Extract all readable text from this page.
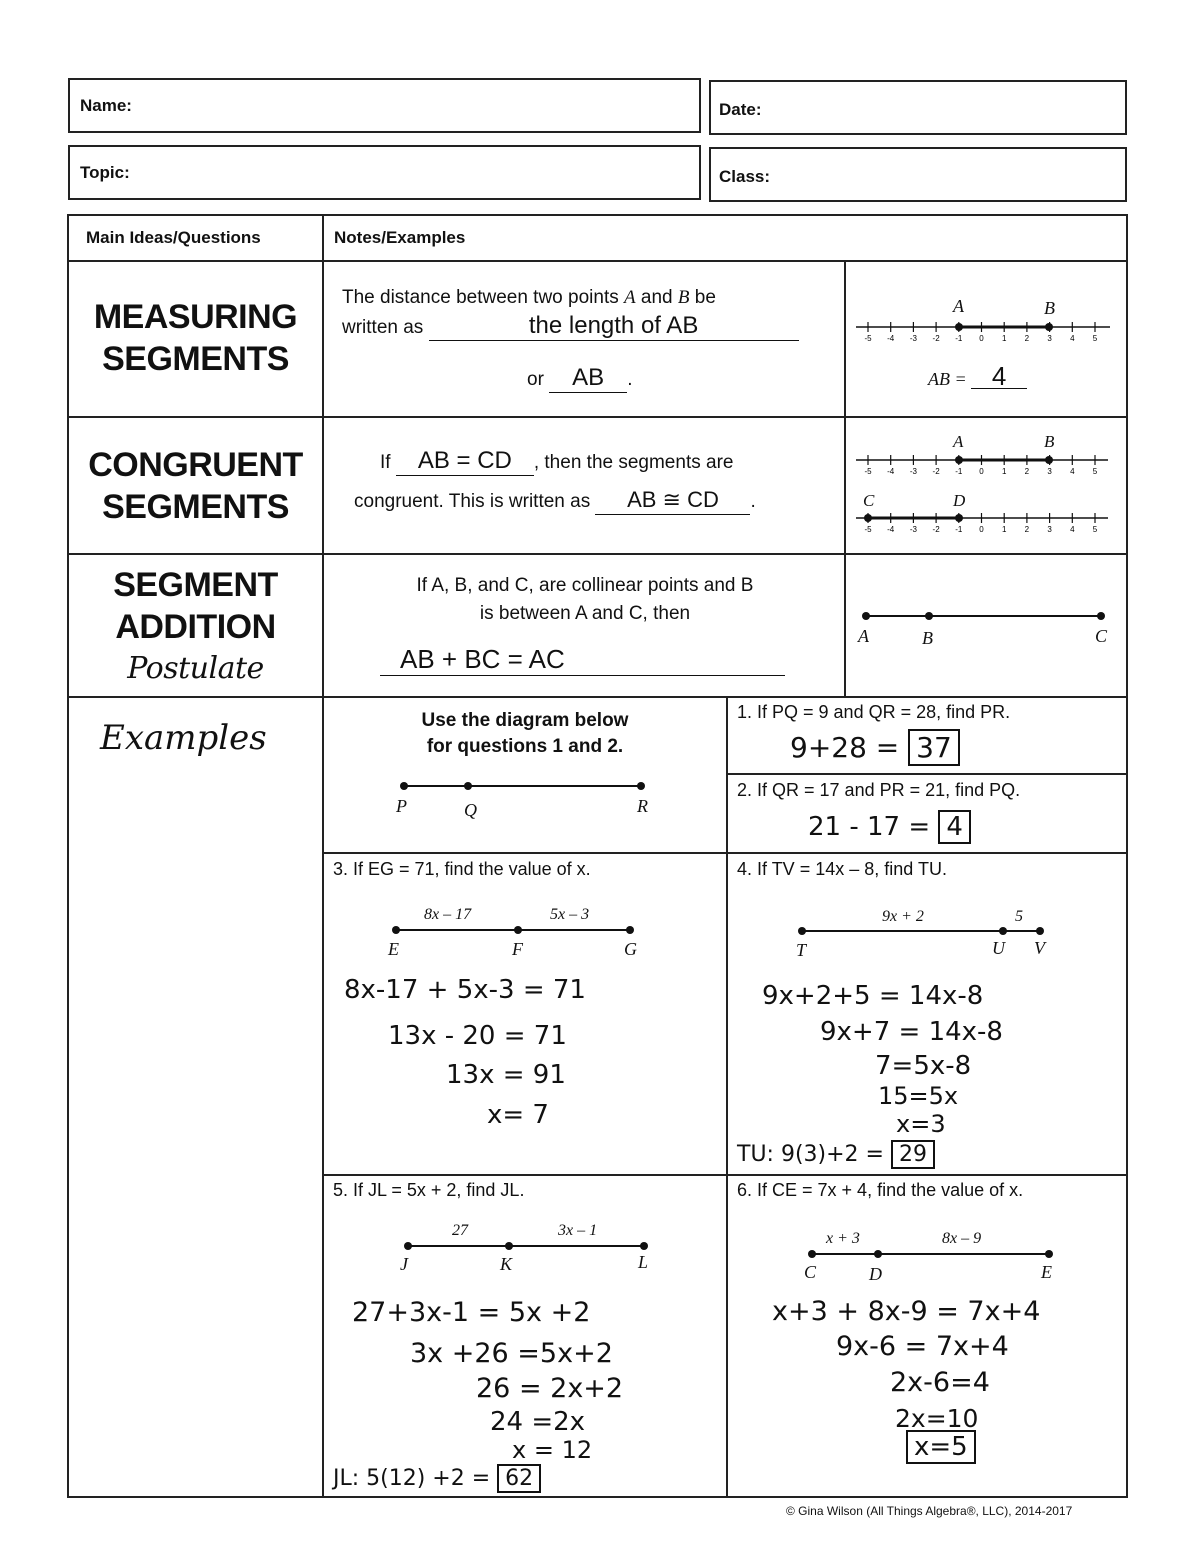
Name:	Date:
Topic:	Class:
Main Ideas/Questions	Notes/Examples
MEASURING
SEGMENTS
The distance between two points A and B be
written as	the length of AB
or AB .
-5 -4 -3 -2 -1 0 1 2 3 4 5
A	B
AB = 4
CONGRUENT
SEGMENTS
If AB = CD , then the segments are
congruent. This is written as AB ≅ CD .
-5 -4 -3 -2 -1 0 1 2 3 4 5
-5 -4 -3 -2 -1 0 1 2 3 4 5
A	B
C	D
SEGMENT
ADDITION
Postulate
If A, B, and C, are collinear points and B
is between A and C, then
AB + BC = AC
A	B	C
Examples	Use the diagram below
for questions 1 and 2.
P	Q	R
1. If PQ = 9 and QR = 28, find PR.
9+28 = 37
2. If QR = 17 and PR = 21, find PQ.
21 - 17 = 4
3. If EG = 71, find the value of x.
8x – 17	5x – 3
E	F	G
8x-17 + 5x-3 = 71
13x - 20 = 71
13x = 91
x= 7
4. If TV = 14x – 8, find TU.
9x + 2	5
T	U V
9x+2+5 = 14x-8
9x+7 = 14x-8
7=5x-8
15=5x
x=3
TU: 9(3)+2 = 29
5. If JL = 5x + 2, find JL.
27	3x – 1
J	K	L
27+3x-1 = 5x +2
3x +26 =5x+2
26 = 2x+2
24 =2x
x = 12
JL: 5(12) +2 = 62
6. If CE = 7x + 4, find the value of x.
x + 3	8x – 9
C	D	E
x+3 + 8x-9 = 7x+4
9x-6 = 7x+4
2x-6=4
2x=10
x=5
© Gina Wilson (All Things Algebra®, LLC), 2014-2017
